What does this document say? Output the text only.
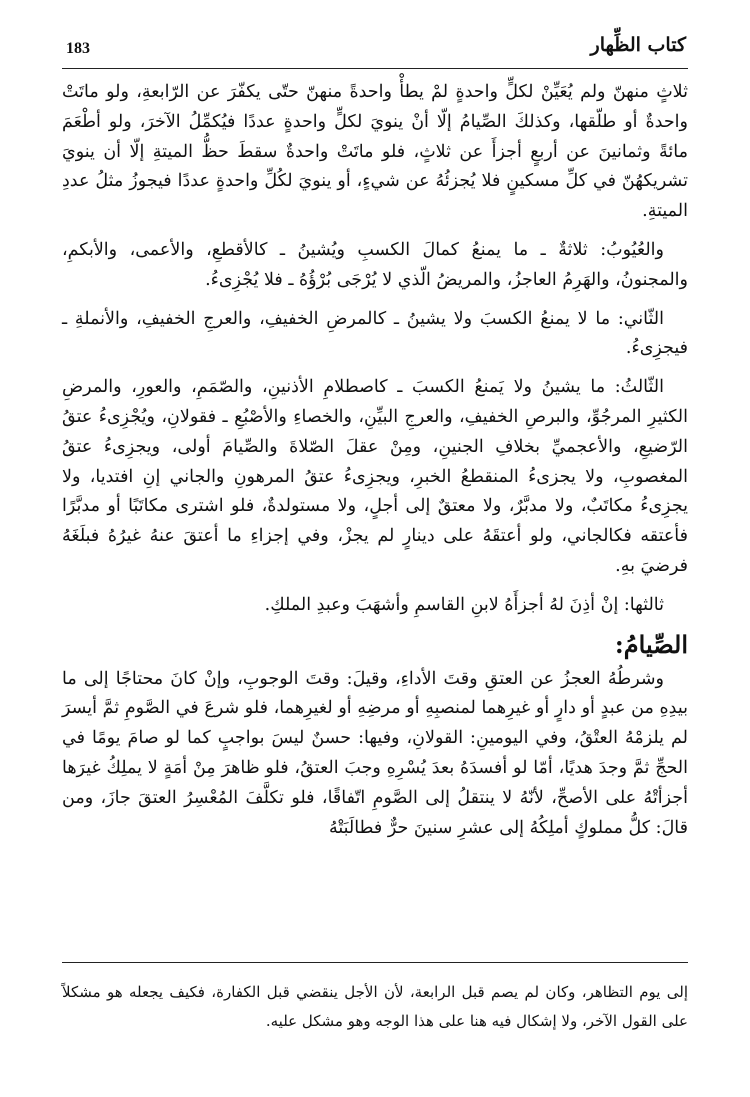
183	كتاب الظِّهار

ثلاثٍ منهنّ ولم يُعَيِّنْ لكلٍّ واحدةٍ لمْ يطأْ واحدةً منهنّ حتّى يكفّرَ عن الرّابعةِ، ولو ماتَتْ واحدةٌ أو طلّقها، وكذلكَ الصِّيامُ إلّا أنْ ينويَ لكلٍّ واحدةٍ عددًا فيُكمِّلُ الآخرَ، ولو أطْعَمَ مائةً وثمانينَ عن أربعٍ أجزأَ عن ثلاثٍ، فلو ماتَتْ واحدةٌ سقطَ حظُّ الميتةِ إلّا أن ينويَ تشريكهُنّ في كلِّ مسكينٍ فلا يُجزئُهُ عن شيءٍ، أو ينويَ لكُلِّ واحدةٍ عددًا فيجوزُ مثلُ عددِ الميتةِ.

والعُيُوبُ: ثلاثةٌ ـ ما يمنعُ كمالَ الكسبِ ويُشينُ ـ كالأقطعِ، والأعمى، والأبكمِ، والمجنونُ، والهَرِمُ العاجزُ، والمريضُ الّذي لا يُرْجَى بُرْؤُهُ ـ فلا يُجْزِىءُ.

الثّاني: ما لا يمنعُ الكسبَ ولا يشينُ ـ كالمرضِ الخفيفِ، والعرجِ الخفيفِ، والأنملةِ ـ فيجزِىءُ.

الثّالثُ: ما يشينُ ولا يَمنعُ الكسبَ ـ كاصطلامِ الأذنينِ، والصّمَمِ، والعورِ، والمرضِ الكثيرِ المرجُوِّ، والبرصِ الخفيفِ، والعرجِ البيِّنِ، والخصاءِ والأصْبُعِ ـ فقولانِ، ويُجْزِىءُ عتقُ الرّضيعِ، والأعجميِّ بخلافِ الجنينِ، ومِنْ عقلَ الصّلاةَ والصِّيامَ أولى، ويجزِىءُ عتقُ المغصوبِ، ولا يجزىءُ المنقطعُ الخبرِ، ويجزِىءُ عتقُ المرهونِ والجاني إنِ افتديا، ولا يجزِىءُ مكاتَبٌ، ولا مدبَّرٌ، ولا معتقٌ إلى أجلٍ، ولا مستولدةٌ، فلو اشترى مكاتَبًا أو مدبَّرًا فأعتقه فكالجاني، ولو أعتقَهُ على دينارٍ لم يجزْ، وفي إجزاءِ ما أعتقَ عنهُ غيرُهُ فبلَغَهُ فرضيَ بهِ.

ثالثها: إنْ أذِنَ لهُ أجزأَهُ لابنِ القاسمِ وأشهَبَ وعبدِ الملكِ.

الصِّيامُ:

وشرطُهُ العجزُ عن العتقِ وقتَ الأداءِ، وقيلَ: وقتَ الوجوبِ، وإنْ كانَ محتاجًا إلى ما بيدِهِ من عبدٍ أو دارٍ أو غيرِهما لمنصبِهِ أو مرضِهِ أو لغيرِهما، فلو شرعَ في الصَّومِ ثمَّ أيسرَ لم يلزمْهُ العتْقُ، وفي اليومينِ: القولانِ، وفيها: حسنٌ ليسَ بواجبٍ كما لو صامَ يومًا في الحجِّ ثمَّ وجدَ هديًا، أمّا لو أفسدَهُ بعدَ يُسْرِهِ وجبَ العتقُ، فلو ظاهرَ مِنْ أمَةٍ لا يملِكُ غيرَها أجزأتْهُ على الأصحِّ، لأنّهُ لا ينتقلُ إلى الصَّومِ اتّفاقًا، فلو تكلَّفَ المُعْسِرُ العتقَ جازَ، ومن قالَ: كلُّ مملوكٍ أملِكُهُ إلى عشرِ سنينَ حرٌّ فطالَبَتْهُ

إلى يوم التظاهر، وكان لم يصم قبل الرابعة، لأن الأجل ينقضي قبل الكفارة، فكيف يجعله هو مشكلاً على القول الآخر، ولا إشكال فيه هنا على هذا الوجه وهو مشكل عليه.
